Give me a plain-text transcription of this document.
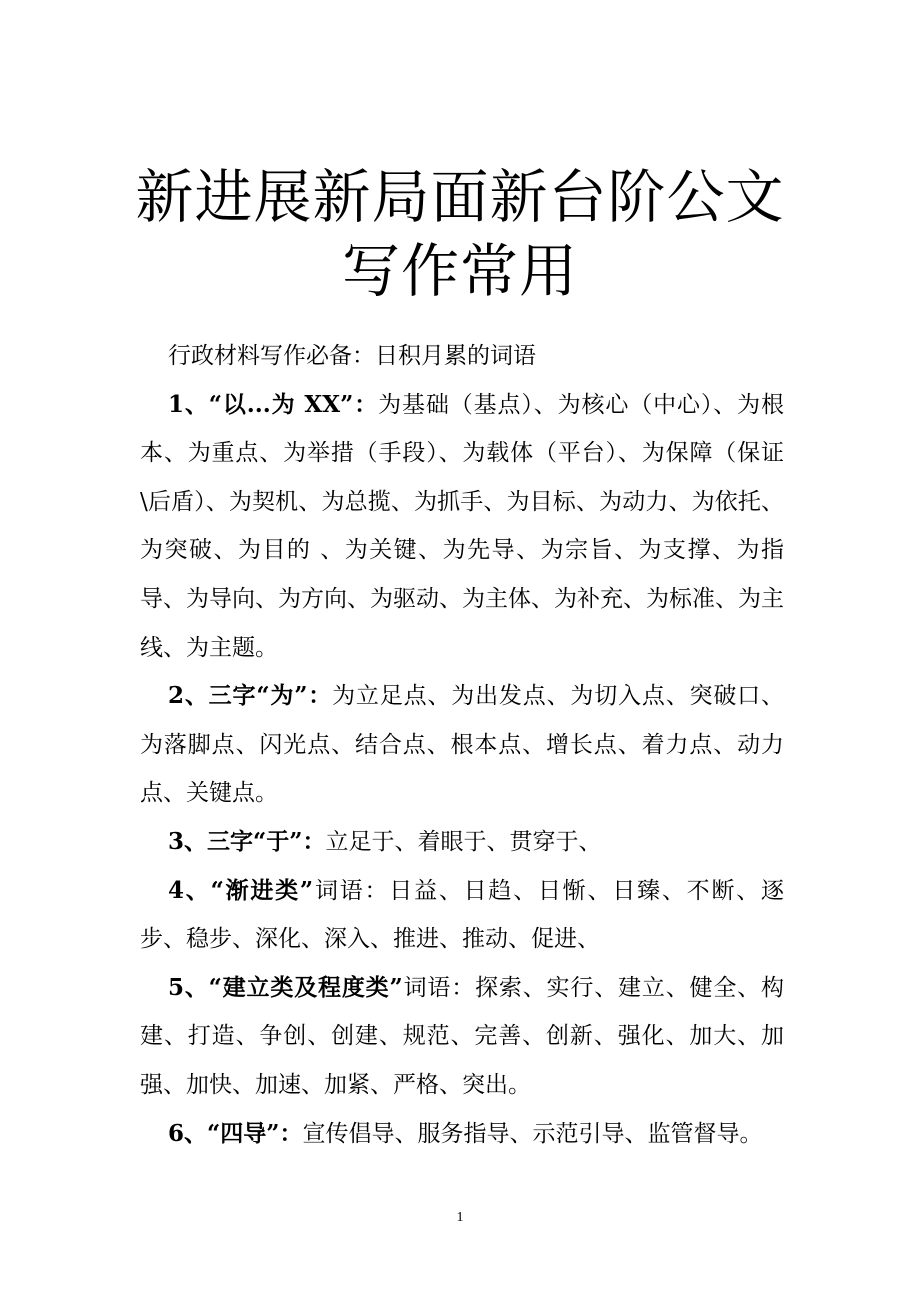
新进展新局面新台阶公文
写作常用

行政材料写作必备：日积月累的词语

1、“以...为 XX”：为基础（基点）、为核心（中心）、为根本、为重点、为举措（手段）、为载体（平台）、为保障（保证\后盾）、为契机、为总揽、为抓手、为目标、为动力、为依托、为突破、为目的 、为关键、为先导、为宗旨、为支撑、为指导、为导向、为方向、为驱动、为主体、为补充、为标准、为主线、为主题。

2、三字“为”：为立足点、为出发点、为切入点、突破口、为落脚点、闪光点、结合点、根本点、增长点、着力点、动力点、关键点。

3、三字“于”：立足于、着眼于、贯穿于、

4、“渐进类”词语：日益、日趋、日惭、日臻、不断、逐步、稳步、深化、深入、推进、推动、促进、

5、“建立类及程度类”词语：探索、实行、建立、健全、构建、打造、争创、创建、规范、完善、创新、强化、加大、加强、加快、加速、加紧、严格、突出。

6、“四导”：宣传倡导、服务指导、示范引导、监管督导。

1
